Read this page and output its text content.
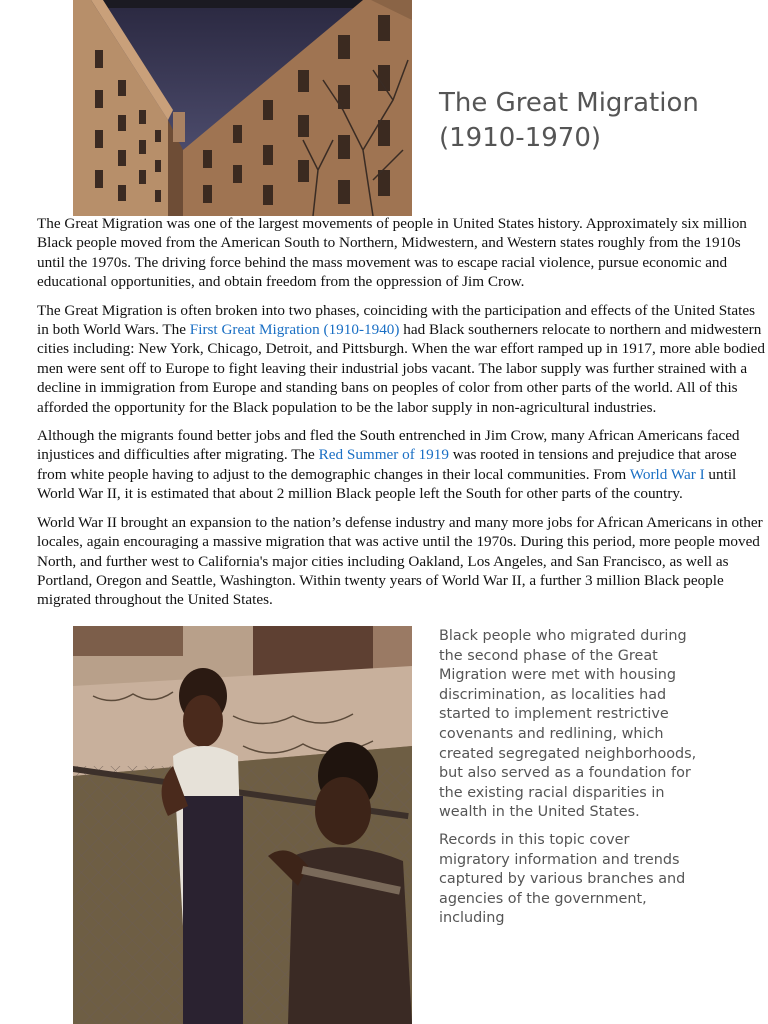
The Great Migration (1910-1970)

The Great Migration was one of the largest movements of people in United States history. Approximately six million Black people moved from the American South to Northern, Midwestern, and Western states roughly from the 1910s until the 1970s. The driving force behind the mass movement was to escape racial violence, pursue economic and educational opportunities, and obtain freedom from the oppression of Jim Crow.

The Great Migration is often broken into two phases, coinciding with the participation and effects of the United States in both World Wars. The First Great Migration (1910-1940) had Black southerners relocate to northern and midwestern cities including: New York, Chicago, Detroit, and Pittsburgh. When the war effort ramped up in 1917, more able bodied men were sent off to Europe to fight leaving their industrial jobs vacant. The labor supply was further strained with a decline in immigration from Europe and standing bans on peoples of color from other parts of the world. All of this afforded the opportunity for the Black population to be the labor supply in non-agricultural industries.

Although the migrants found better jobs and fled the South entrenched in Jim Crow, many African Americans faced injustices and difficulties after migrating. The Red Summer of 1919 was rooted in tensions and prejudice that arose from white people having to adjust to the demographic changes in their local communities. From World War I until World War II, it is estimated that about 2 million Black people left the South for other parts of the country.

World War II brought an expansion to the nation’s defense industry and many more jobs for African Americans in other locales, again encouraging a massive migration that was active until the 1970s. During this period, more people moved North, and further west to California's major cities including Oakland, Los Angeles, and San Francisco, as well as Portland, Oregon and Seattle, Washington. Within twenty years of World War II, a further 3 million Black people migrated throughout the United States.

Black people who migrated during the second phase of the Great Migration were met with housing discrimination, as localities had started to implement restrictive covenants and redlining, which created segregated neighborhoods, but also served as a foundation for the existing racial disparities in wealth in the United States.

Records in this topic cover migratory information and trends captured by various branches and agencies of the government, including
